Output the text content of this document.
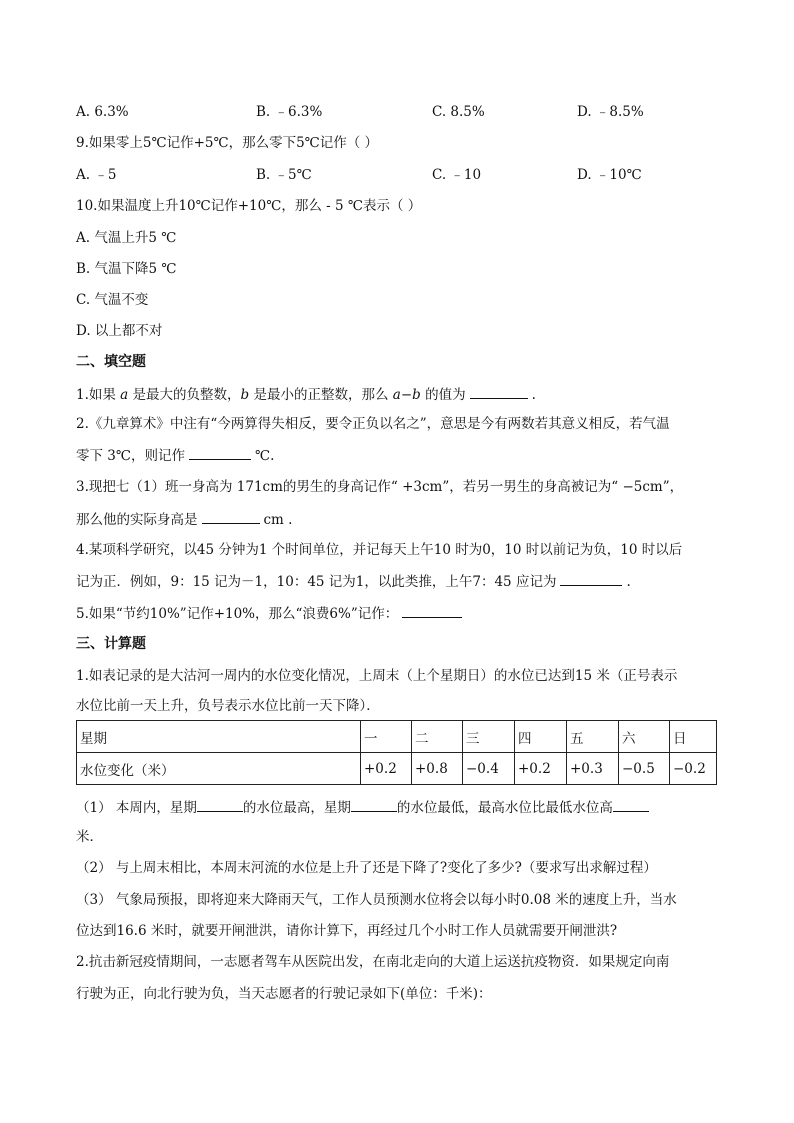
A. 6.3%	B. ﹣6.3%	C. 8.5%	D. ﹣8.5%
9.如果零上5℃记作+5℃，那么零下5℃记作（ ）
A. ﹣5	B. ﹣5℃	C. ﹣10	D. ﹣10℃
10.如果温度上升10℃记作+10℃，那么 - 5 ℃表示（ ）
A. 气温上升5 ℃
B. 气温下降5 ℃
C. 气温不变
D. 以上都不对
二、填空题
1.如果 a 是最大的负整数，b 是最小的正整数，那么 a−b 的值为	.
2.《九章算术》中注有“今两算得失相反，要令正负以名之”，意思是今有两数若其意义相反，若气温
零下 3℃，则记作	℃.
3.现把七（1）班一身高为 171cm的男生的身高记作“ +3cm”，若另一男生的身高被记为“ −5cm”，
那么他的实际身高是	cm .
4.某项科学研究，以45 分钟为1 个时间单位，并记每天上午10 时为0，10 时以前记为负，10 时以后
记为正．例如，9：15 记为－1，10：45 记为1，以此类推，上午7：45 应记为	.
5.如果“节约10%”记作+10%，那么“浪费6%”记作：
三、计算题
1.如表记录的是大沽河一周内的水位变化情况，上周末（上个星期日）的水位已达到15 米（正号表示
水位比前一天上升，负号表示水位比前一天下降）．
星期	一	二	三	四	五	六	日
水位变化（米）	+0.2	+0.8	−0.4	+0.2	+0.3	−0.5	−0.2
（1） 本周内，星期	的水位最高，星期	的水位最低，最高水位比最低水位高
米．
（2） 与上周末相比，本周末河流的水位是上升了还是下降了?变化了多少?（要求写出求解过程）
（3） 气象局预报，即将迎来大降雨天气，工作人员预测水位将会以每小时0.08 米的速度上升，当水
位达到16.6 米时，就要开闸泄洪，请你计算下，再经过几个小时工作人员就需要开闸泄洪?
2.抗击新冠疫情期间，一志愿者驾车从医院出发，在南北走向的大道上运送抗疫物资．如果规定向南
行驶为正，向北行驶为负，当天志愿者的行驶记录如下(单位：千米)：
